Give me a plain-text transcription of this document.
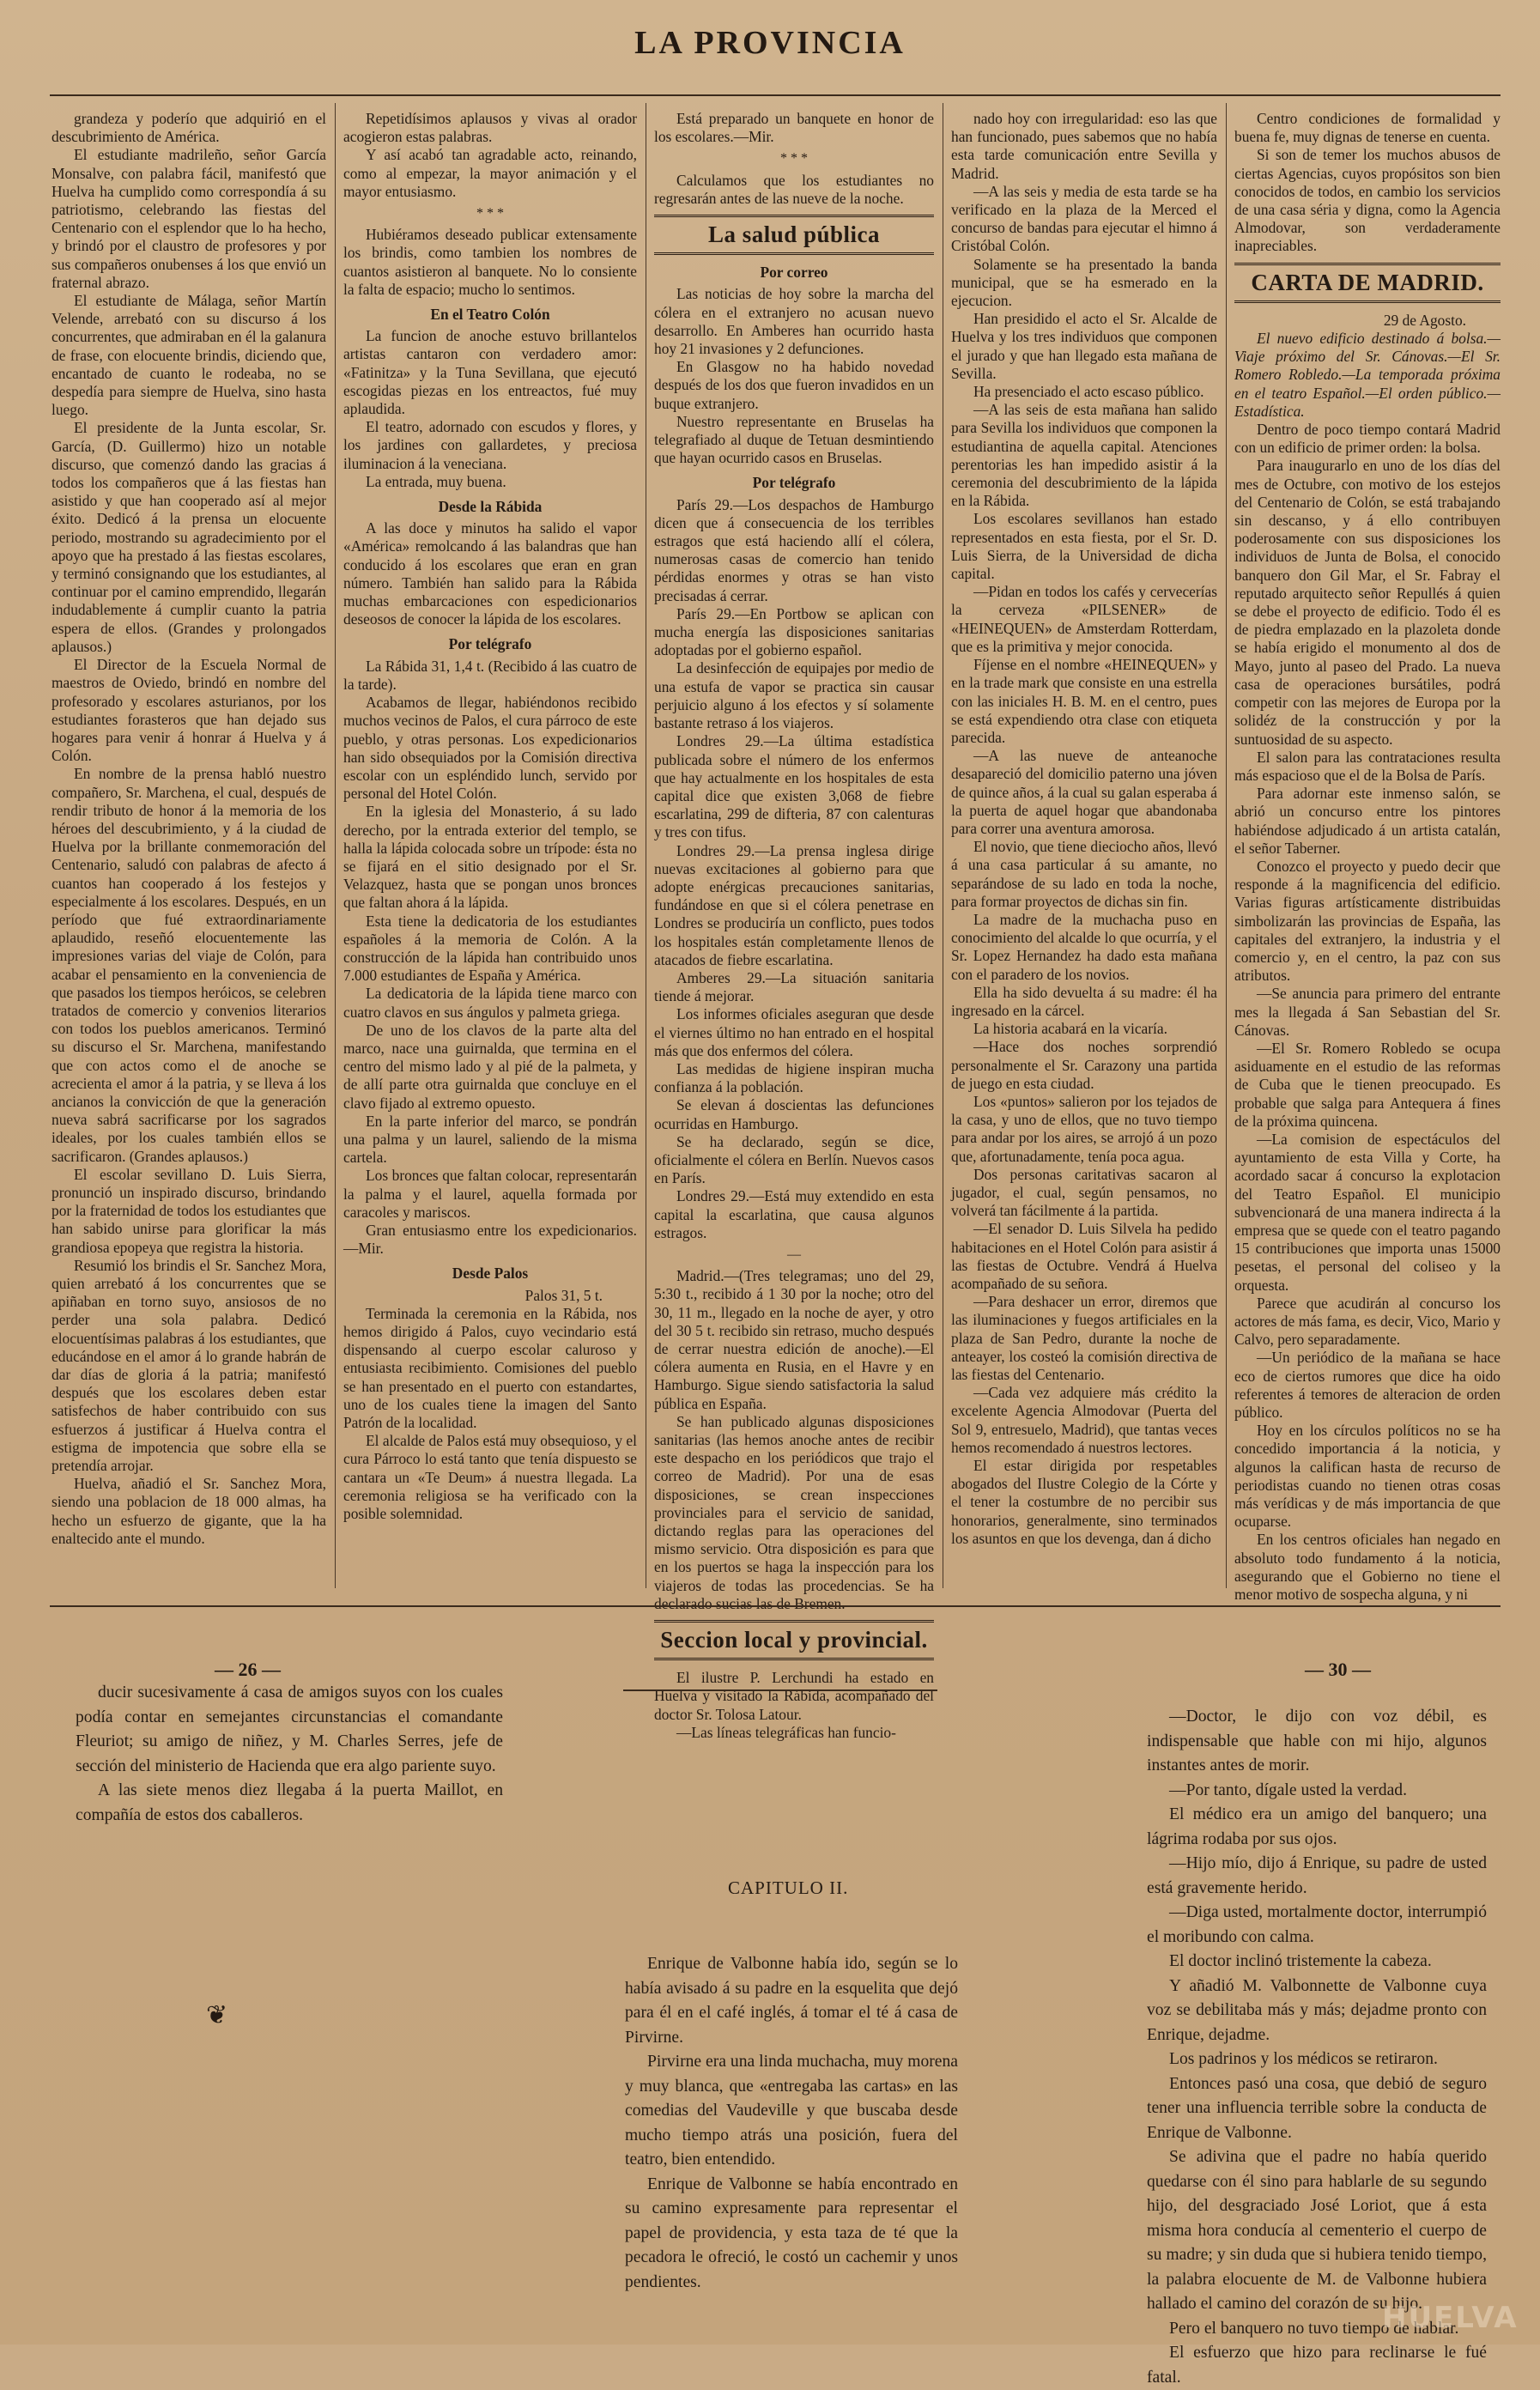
LA PROVINCIA

grandeza y poderío que adquirió en el descubrimiento de América.

El estudiante madrileño, señor García Monsalve, con palabra fácil, manifestó que Huelva ha cumplido como correspondía á su patriotismo, celebrando las fiestas del Centenario con el esplendor que lo ha hecho, y brindó por el claustro de profesores y por sus compañeros onubenses á los que envió un fraternal abrazo.

El estudiante de Málaga, señor Martín Velende, arrebató con su discurso á los concurrentes, que admiraban en él la galanura de frase, con elocuente brindis, diciendo que, encantado de cuanto le rodeaba, no se despedía para siempre de Huelva, sino hasta luego.

El presidente de la Junta escolar, Sr. García, (D. Guillermo) hizo un notable discurso, que comenzó dando las gracias á todos los compañeros que á las fiestas han asistido y que han cooperado así al mejor éxito. Dedicó á la prensa un elocuente periodo, mostrando su agradecimiento por el apoyo que ha prestado á las fiestas escolares, y terminó consignando que los estudiantes, al continuar por el camino emprendido, llegarán indudablemente á cumplir cuanto la patria espera de ellos. (Grandes y prolongados aplausos.)

El Director de la Escuela Normal de maestros de Oviedo, brindó en nombre del profesorado y escolares asturianos, por los estudiantes forasteros que han dejado sus hogares para venir á honrar á Huelva y á Colón.

En nombre de la prensa habló nuestro compañero, Sr. Marchena, el cual, después de rendir tributo de honor á la memoria de los héroes del descubrimiento, y á la ciudad de Huelva por la brillante conmemoración del Centenario, saludó con palabras de afecto á cuantos han cooperado á los festejos y especialmente á los escolares. Después, en un período que fué extraordinariamente aplaudido, reseñó elocuentemente las impresiones varias del viaje de Colón, para acabar el pensamiento en la conveniencia de que pasados los tiempos heróicos, se celebren tratados de comercio y convenios literarios con todos los pueblos americanos. Terminó su discurso el Sr. Marchena, manifestando que con actos como el de anoche se acrecienta el amor á la patria, y se lleva á los ancianos la convicción de que la generación nueva sabrá sacrificarse por los sagrados ideales, por los cuales también ellos se sacrificaron. (Grandes aplausos.)

El escolar sevillano D. Luis Sierra, pronunció un inspirado discurso, brindando por la fraternidad de todos los estudiantes que han sabido unirse para glorificar la más grandiosa epopeya que registra la historia.

Resumió los brindis el Sr. Sanchez Mora, quien arrebató á los concurrentes que se apiñaban en torno suyo, ansiosos de no perder una sola palabra. Dedicó elocuentísimas palabras á los estudiantes, que educándose en el amor á lo grande habrán de dar días de gloria á la patria; manifestó después que los escolares deben estar satisfechos de haber contribuido con sus esfuerzos á justificar á Huelva contra el estigma de impotencia que sobre ella se pretendía arrojar.

Huelva, añadió el Sr. Sanchez Mora, siendo una poblacion de 18 000 almas, ha hecho un esfuerzo de gigante, que la ha enaltecido ante el mundo.

Repetidísimos aplausos y vivas al orador acogieron estas palabras.

Y así acabó tan agradable acto, reinando, como al empezar, la mayor animación y el mayor entusiasmo.

* * *

Hubiéramos deseado publicar extensamente los brindis, como tambien los nombres de cuantos asistieron al banquete. No lo consiente la falta de espacio; mucho lo sentimos.

En el Teatro Colón

La funcion de anoche estuvo brillantelos artistas cantaron con verdadero amor: «Fatinitza» y la Tuna Sevillana, que ejecutó escogidas piezas en los entreactos, fué muy aplaudida.

El teatro, adornado con escudos y flores, y los jardines con gallardetes, y preciosa iluminacion á la veneciana.

La entrada, muy buena.

Desde la Rábida

A las doce y minutos ha salido el vapor «América» remolcando á las balandras que han conducido á los escolares que eran en gran número. También han salido para la Rábida muchas embarcaciones con espedicionarios deseosos de conocer la lápida de los escolares.

Por telégrafo

La Rábida 31, 1,4 t. (Recibido á las cuatro de la tarde).

Acabamos de llegar, habiéndonos recibido muchos vecinos de Palos, el cura párroco de este pueblo, y otras personas. Los expedicionarios han sido obsequiados por la Comisión directiva escolar con un espléndido lunch, servido por personal del Hotel Colón.

En la iglesia del Monasterio, á su lado derecho, por la entrada exterior del templo, se halla la lápida colocada sobre un trípode: ésta no se fijará en el sitio designado por el Sr. Velazquez, hasta que se pongan unos bronces que faltan ahora á la lápida.

Esta tiene la dedicatoria de los estudiantes españoles á la memoria de Colón. A la construcción de la lápida han contribuido unos 7.000 estudiantes de España y América.

La dedicatoria de la lápida tiene marco con cuatro clavos en sus ángulos y palmeta griega.

De uno de los clavos de la parte alta del marco, nace una guirnalda, que termina en el centro del mismo lado y al pié de la palmeta, y de allí parte otra guirnalda que concluye en el clavo fijado al extremo opuesto.

En la parte inferior del marco, se pondrán una palma y un laurel, saliendo de la misma cartela.

Los bronces que faltan colocar, representarán la palma y el laurel, aquella formada por caracoles y mariscos.

Gran entusiasmo entre los expedicionarios.—Mir.

Desde Palos
Palos 31, 5 t.

Terminada la ceremonia en la Rábida, nos hemos dirigido á Palos, cuyo vecindario está dispensando al cuerpo escolar caluroso y entusiasta recibimiento. Comisiones del pueblo se han presentado en el puerto con estandartes, uno de los cuales tiene la imagen del Santo Patrón de la localidad.

El alcalde de Palos está muy obsequioso, y el cura Párroco lo está tanto que tenía dispuesto se cantara un «Te Deum» á nuestra llegada. La ceremonia religiosa se ha verificado con la posible solemnidad.

Está preparado un banquete en honor de los escolares.—Mir.

* * *

Calculamos que los estudiantes no regresarán antes de las nueve de la noche.

La salud pública
Por correo

Las noticias de hoy sobre la marcha del cólera en el extranjero no acusan nuevo desarrollo. En Amberes han ocurrido hasta hoy 21 invasiones y 2 defunciones.

En Glasgow no ha habido novedad después de los dos que fueron invadidos en un buque extranjero.

Nuestro representante en Bruselas ha telegrafiado al duque de Tetuan desmintiendo que hayan ocurrido casos en Bruselas.

Por telégrafo

París 29.—Los despachos de Hamburgo dicen que á consecuencia de los terribles estragos que está haciendo allí el cólera, numerosas casas de comercio han tenido pérdidas enormes y otras se han visto precisadas á cerrar.

París 29.—En Portbow se aplican con mucha energía las disposiciones sanitarias adoptadas por el gobierno español.

La desinfección de equipajes por medio de una estufa de vapor se practica sin causar perjuicio alguno á los efectos y sí solamente bastante retraso á los viajeros.

Londres 29.—La última estadística publicada sobre el número de los enfermos que hay actualmente en los hospitales de esta capital dice que existen 3,068 de fiebre escarlatina, 299 de difteria, 87 con calenturas y tres con tifus.

Londres 29.—La prensa inglesa dirige nuevas excitaciones al gobierno para que adopte enérgicas precauciones sanitarias, fundándose en que si el cólera penetrase en Londres se produciría un conflicto, pues todos los hospitales están completamente llenos de atacados de fiebre escarlatina.

Amberes 29.—La situación sanitaria tiende á mejorar.

Los informes oficiales aseguran que desde el viernes último no han entrado en el hospital más que dos enfermos del cólera.

Las medidas de higiene inspiran mucha confianza á la población.

Se elevan á doscientas las defunciones ocurridas en Hamburgo.

Se ha declarado, según se dice, oficialmente el cólera en Berlín. Nuevos casos en París.

Londres 29.—Está muy extendido en esta capital la escarlatina, que causa algunos estragos.

—

Madrid.—(Tres telegramas; uno del 29, 5:30 t., recibido á 1 30 por la noche; otro del 30, 11 m., llegado en la noche de ayer, y otro del 30 5 t. recibido sin retraso, mucho después de cerrar nuestra edición de anoche).—El cólera aumenta en Rusia, en el Havre y en Hamburgo. Sigue siendo satisfactoria la salud pública en España.

Se han publicado algunas disposiciones sanitarias (las hemos anoche antes de recibir este despacho en los periódicos que trajo el correo de Madrid). Por una de esas disposiciones, se crean inspecciones provinciales para el servicio de sanidad, dictando reglas para las operaciones del mismo servicio. Otra disposición es para que en los puertos se haga la inspección para los viajeros de todas las procedencias. Se ha declarado sucias las de Bremen.

Seccion local y provincial.

El ilustre P. Lerchundi ha estado en Huelva y visitado la Rábida, acompañado del doctor Sr. Tolosa Latour.

—Las líneas telegráficas han funcio-

nado hoy con irregularidad: eso las que han funcionado, pues sabemos que no había esta tarde comunicación entre Sevilla y Madrid.

—A las seis y media de esta tarde se ha verificado en la plaza de la Merced el concurso de bandas para ejecutar el himno á Cristóbal Colón.

Solamente se ha presentado la banda municipal, que se ha esmerado en la ejecucion.

Han presidido el acto el Sr. Alcalde de Huelva y los tres individuos que componen el jurado y que han llegado esta mañana de Sevilla.

Ha presenciado el acto escaso público.

—A las seis de esta mañana han salido para Sevilla los individuos que componen la estudiantina de aquella capital. Atenciones perentorias les han impedido asistir á la ceremonia del descubrimiento de la lápida en la Rábida.

Los escolares sevillanos han estado representados en esta fiesta, por el Sr. D. Luis Sierra, de la Universidad de dicha capital.

—Pidan en todos los cafés y cervecerías la cerveza «PILSENER» de «HEINEQUEN» de Amsterdam Rotterdam, que es la primitiva y mejor conocida.

Fíjense en el nombre «HEINEQUEN» y en la trade mark que consiste en una estrella con las iniciales H. B. M. en el centro, pues se está expendiendo otra clase con etiqueta parecida.

—A las nueve de anteanoche desapareció del domicilio paterno una jóven de quince años, á la cual su galan esperaba á la puerta de aquel hogar que abandonaba para correr una aventura amorosa.

El novio, que tiene dieciocho años, llevó á una casa particular á su amante, no separándose de su lado en toda la noche, para formar proyectos de dichas sin fin.

La madre de la muchacha puso en conocimiento del alcalde lo que ocurría, y el Sr. Lopez Hernandez ha dado esta mañana con el paradero de los novios.

Ella ha sido devuelta á su madre: él ha ingresado en la cárcel.

La historia acabará en la vicaría.

—Hace dos noches sorprendió personalmente el Sr. Carazony una partida de juego en esta ciudad.

Los «puntos» salieron por los tejados de la casa, y uno de ellos, que no tuvo tiempo para andar por los aires, se arrojó á un pozo que, afortunadamente, tenía poca agua.

Dos personas caritativas sacaron al jugador, el cual, según pensamos, no volverá tan fácilmente á la partida.

—El senador D. Luis Silvela ha pedido habitaciones en el Hotel Colón para asistir á las fiestas de Octubre. Vendrá á Huelva acompañado de su señora.

—Para deshacer un error, diremos que las iluminaciones y fuegos artificiales en la plaza de San Pedro, durante la noche de anteayer, los costeó la comisión directiva de las fiestas del Centenario.

—Cada vez adquiere más crédito la excelente Agencia Almodovar (Puerta del Sol 9, entresuelo, Madrid), que tantas veces hemos recomendado á nuestros lectores.

El estar dirigida por respetables abogados del Ilustre Colegio de la Córte y el tener la costumbre de no percibir sus honorarios, generalmente, sino terminados los asuntos en que los devenga, dan á dicho

Centro condiciones de formalidad y buena fe, muy dignas de tenerse en cuenta.

Si son de temer los muchos abusos de ciertas Agencias, cuyos propósitos son bien conocidos de todos, en cambio los servicios de una casa séria y digna, como la Agencia Almodovar, son verdaderamente inapreciables.

CARTA DE MADRID.
29 de Agosto.

El nuevo edificio destinado á bolsa.—Viaje próximo del Sr. Cánovas.—El Sr. Romero Robledo.—La temporada próxima en el teatro Español.—El orden público.—Estadística.

Dentro de poco tiempo contará Madrid con un edificio de primer orden: la bolsa.

Para inaugurarlo en uno de los días del mes de Octubre, con motivo de los estejos del Centenario de Colón, se está trabajando sin descanso, y á ello contribuyen poderosamente con sus disposiciones los individuos de Junta de Bolsa, el conocido banquero don Gil Mar, el Sr. Fabray el reputado arquitecto señor Repullés á quien se debe el proyecto de edificio. Todo él es de piedra emplazado en la plazoleta donde se había erigido el monumento al dos de Mayo, junto al paseo del Prado. La nueva casa de operaciones bursátiles, podrá competir con las mejores de Europa por la solidéz de la construcción y por la suntuosidad de su aspecto.

El salon para las contrataciones resulta más espacioso que el de la Bolsa de París.

Para adornar este inmenso salón, se abrió un concurso entre los pintores habiéndose adjudicado á un artista catalán, el señor Taberner.

Conozco el proyecto y puedo decir que responde á la magnificencia del edificio. Varias figuras artísticamente distribuidas simbolizarán las provincias de España, las capitales del extranjero, la industria y el comercio y, en el centro, la paz con sus atributos.

—Se anuncia para primero del entrante mes la llegada á San Sebastian del Sr. Cánovas.

—El Sr. Romero Robledo se ocupa asiduamente en el estudio de las reformas de Cuba que le tienen preocupado. Es probable que salga para Antequera á fines de la próxima quincena.

—La comision de espectáculos del ayuntamiento de esta Villa y Corte, ha acordado sacar á concurso la explotacion del Teatro Español. El municipio subvencionará de una manera indirecta á la empresa que se quede con el teatro pagando 15 contribuciones que importa unas 15000 pesetas, el personal del coliseo y la orquesta.

Parece que acudirán al concurso los actores de más fama, es decir, Vico, Mario y Calvo, pero separadamente.

—Un periódico de la mañana se hace eco de ciertos rumores que dice ha oido referentes á temores de alteracion de orden público.

Hoy en los círculos políticos no se ha concedido importancia á la noticia, y algunos la califican hasta de recurso de periodistas cuando no tienen otras cosas más verídicas y de más importancia de que ocuparse.

En los centros oficiales han negado en absoluto todo fundamento á la noticia, asegurando que el Gobierno no tiene el menor motivo de sospecha alguna, y ni

— 26 —	— 30 —

ducir sucesivamente á casa de amigos suyos con los cuales podía contar en semejantes circunstancias el comandante Fleuriot; su amigo de niñez, y M. Charles Serres, jefe de sección del ministerio de Hacienda que era algo pariente suyo.

A las siete menos diez llegaba á la puerta Maillot, en compañía de estos dos caballeros.

❦
CAPITULO II.

Enrique de Valbonne había ido, según se lo había avisado á su padre en la esquelita que dejó para él en el café inglés, á tomar el té á casa de Pirvirne.

Pirvirne era una linda muchacha, muy morena y muy blanca, que «entregaba las cartas» en las comedias del Vaudeville y que buscaba desde mucho tiempo atrás una posición, fuera del teatro, bien entendido.

Enrique de Valbonne se había encontrado en su camino expresamente para representar el papel de providencia, y esta taza de té que la pecadora le ofreció, le costó un cachemir y unos pendientes.

—Doctor, le dijo con voz débil, es indispensable que hable con mi hijo, algunos instantes antes de morir.

—Por tanto, dígale usted la verdad.

El médico era un amigo del banquero; una lágrima rodaba por sus ojos.

—Hijo mío, dijo á Enrique, su padre de usted está gravemente herido.

—Diga usted, mortalmente doctor, interrumpió el moribundo con calma.

El doctor inclinó tristemente la cabeza.

Y añadió M. Valbonnette de Valbonne cuya voz se debilitaba más y más; dejadme pronto con Enrique, dejadme.

Los padrinos y los médicos se retiraron.

Entonces pasó una cosa, que debió de seguro tener una influencia terrible sobre la conducta de Enrique de Valbonne.

Se adivina que el padre no había querido quedarse con él sino para hablarle de su segundo hijo, del desgraciado José Loriot, que á esta misma hora conducía al cementerio el cuerpo de su madre; y sin duda que si hubiera tenido tiempo, la palabra elocuente de M. de Valbonne hubiera hallado el camino del corazón de su hijo.

Pero el banquero no tuvo tiempo de hablar.

El esfuerzo que hizo para reclinarse le fué fatal.

HUELVA
